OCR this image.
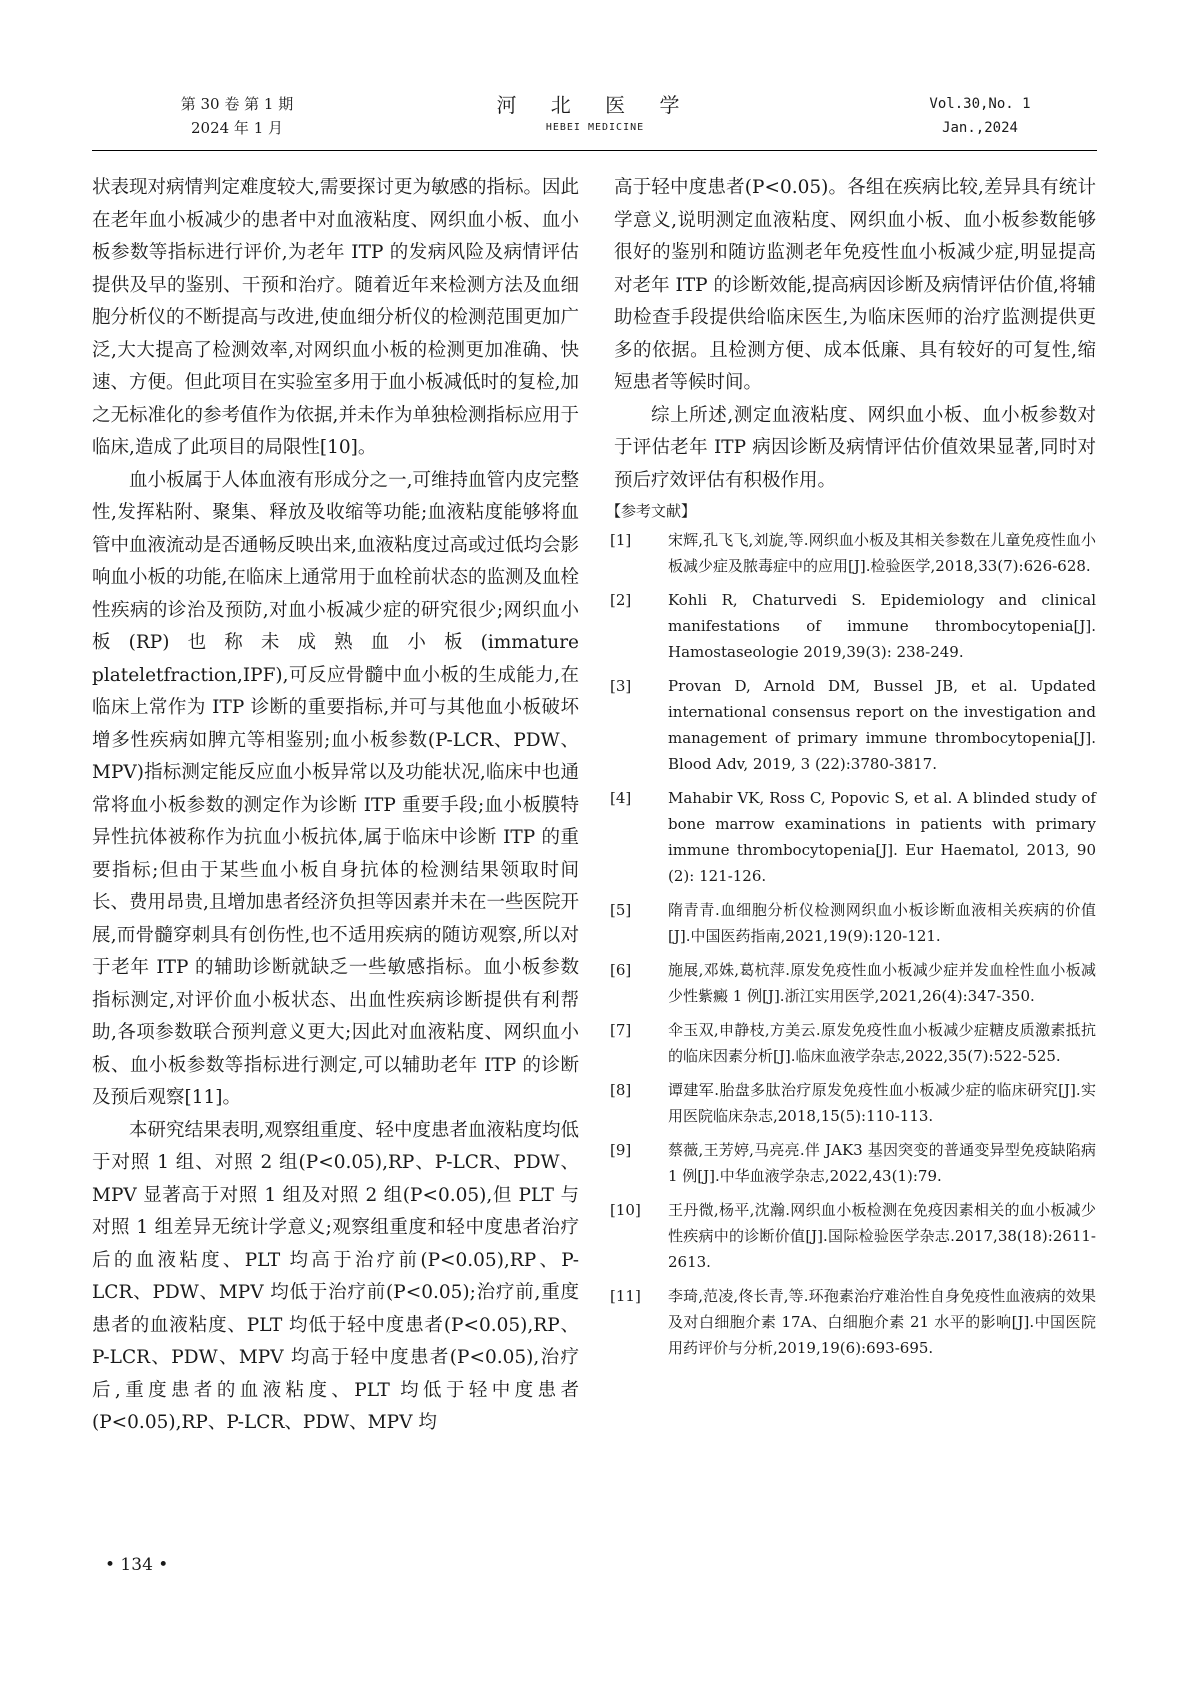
第 30 卷 第 1 期
2024 年 1 月
河 北 医 学
HEBEI MEDICINE
Vol.30,No. 1
Jan.,2024

状表现对病情判定难度较大,需要探讨更为敏感的指标。因此在老年血小板减少的患者中对血液粘度、网织血小板、血小板参数等指标进行评价,为老年 ITP 的发病风险及病情评估提供及早的鉴别、干预和治疗。随着近年来检测方法及血细胞分析仪的不断提高与改进,使血细分析仪的检测范围更加广泛,大大提高了检测效率,对网织血小板的检测更加准确、快速、方便。但此项目在实验室多用于血小板减低时的复检,加之无标准化的参考值作为依据,并未作为单独检测指标应用于临床,造成了此项目的局限性[10]。

血小板属于人体血液有形成分之一,可维持血管内皮完整性,发挥粘附、聚集、释放及收缩等功能;血液粘度能够将血管中血液流动是否通畅反映出来,血液粘度过高或过低均会影响血小板的功能,在临床上通常用于血栓前状态的监测及血栓性疾病的诊治及预防,对血小板减少症的研究很少;网织血小板(RP)也称未成熟血小板(immature plateletfraction,IPF),可反应骨髓中血小板的生成能力,在临床上常作为 ITP 诊断的重要指标,并可与其他血小板破坏增多性疾病如脾亢等相鉴别;血小板参数(P-LCR、PDW、MPV)指标测定能反应血小板异常以及功能状况,临床中也通常将血小板参数的测定作为诊断 ITP 重要手段;血小板膜特异性抗体被称作为抗血小板抗体,属于临床中诊断 ITP 的重要指标;但由于某些血小板自身抗体的检测结果领取时间长、费用昂贵,且增加患者经济负担等因素并未在一些医院开展,而骨髓穿刺具有创伤性,也不适用疾病的随访观察,所以对于老年 ITP 的辅助诊断就缺乏一些敏感指标。血小板参数指标测定,对评价血小板状态、出血性疾病诊断提供有利帮助,各项参数联合预判意义更大;因此对血液粘度、网织血小板、血小板参数等指标进行测定,可以辅助老年 ITP 的诊断及预后观察[11]。

本研究结果表明,观察组重度、轻中度患者血液粘度均低于对照 1 组、对照 2 组(P<0.05),RP、P-LCR、PDW、MPV 显著高于对照 1 组及对照 2 组(P<0.05),但 PLT 与对照 1 组差异无统计学意义;观察组重度和轻中度患者治疗后的血液粘度、PLT 均高于治疗前(P<0.05),RP、P-LCR、PDW、MPV 均低于治疗前(P<0.05);治疗前,重度患者的血液粘度、PLT 均低于轻中度患者(P<0.05),RP、P-LCR、PDW、MPV 均高于轻中度患者(P<0.05),治疗后,重度患者的血液粘度、PLT 均低于轻中度患者(P<0.05),RP、P-LCR、PDW、MPV 均

高于轻中度患者(P<0.05)。各组在疾病比较,差异具有统计学意义,说明测定血液粘度、网织血小板、血小板参数能够很好的鉴别和随访监测老年免疫性血小板减少症,明显提高对老年 ITP 的诊断效能,提高病因诊断及病情评估价值,将辅助检查手段提供给临床医生,为临床医师的治疗监测提供更多的依据。且检测方便、成本低廉、具有较好的可复性,缩短患者等候时间。

综上所述,测定血液粘度、网织血小板、血小板参数对于评估老年 ITP 病因诊断及病情评估价值效果显著,同时对预后疗效评估有积极作用。

【参考文献】
[1] 宋辉,孔飞飞,刘旋,等.网织血小板及其相关参数在儿童免疫性血小板减少症及脓毒症中的应用[J].检验医学,2018,33(7):626-628.
[2] Kohli R, Chaturvedi S. Epidemiology and clinical manifestations of immune thrombocytopenia[J]. Hamostaseologie 2019,39(3): 238-249.
[3] Provan D, Arnold DM, Bussel JB, et al. Updated international consensus report on the investigation and management of primary immune thrombocytopenia[J]. Blood Adv, 2019, 3 (22):3780-3817.
[4] Mahabir VK, Ross C, Popovic S, et al. A blinded study of bone marrow examinations in patients with primary immune thrombocytopenia[J]. Eur Haematol, 2013, 90 (2): 121-126.
[5] 隋青青.血细胞分析仪检测网织血小板诊断血液相关疾病的价值[J].中国医药指南,2021,19(9):120-121.
[6] 施展,邓姝,葛杭萍.原发免疫性血小板减少症并发血栓性血小板减少性紫癜 1 例[J].浙江实用医学,2021,26(4):347-350.
[7] 伞玉双,申静枝,方美云.原发免疫性血小板减少症糖皮质激素抵抗的临床因素分析[J].临床血液学杂志,2022,35(7):522-525.
[8] 谭建军.胎盘多肽治疗原发免疫性血小板减少症的临床研究[J].实用医院临床杂志,2018,15(5):110-113.
[9] 蔡薇,王芳婷,马亮亮.伴 JAK3 基因突变的普通变异型免疫缺陷病 1 例[J].中华血液学杂志,2022,43(1):79.
[10] 王丹微,杨平,沈瀚.网织血小板检测在免疫因素相关的血小板减少性疾病中的诊断价值[J].国际检验医学杂志.2017,38(18):2611-2613.
[11] 李琦,范凌,佟长青,等.环孢素治疗难治性自身免疫性血液病的效果及对白细胞介素 17A、白细胞介素 21 水平的影响[J].中国医院用药评价与分析,2019,19(6):693-695.
• 134 •
